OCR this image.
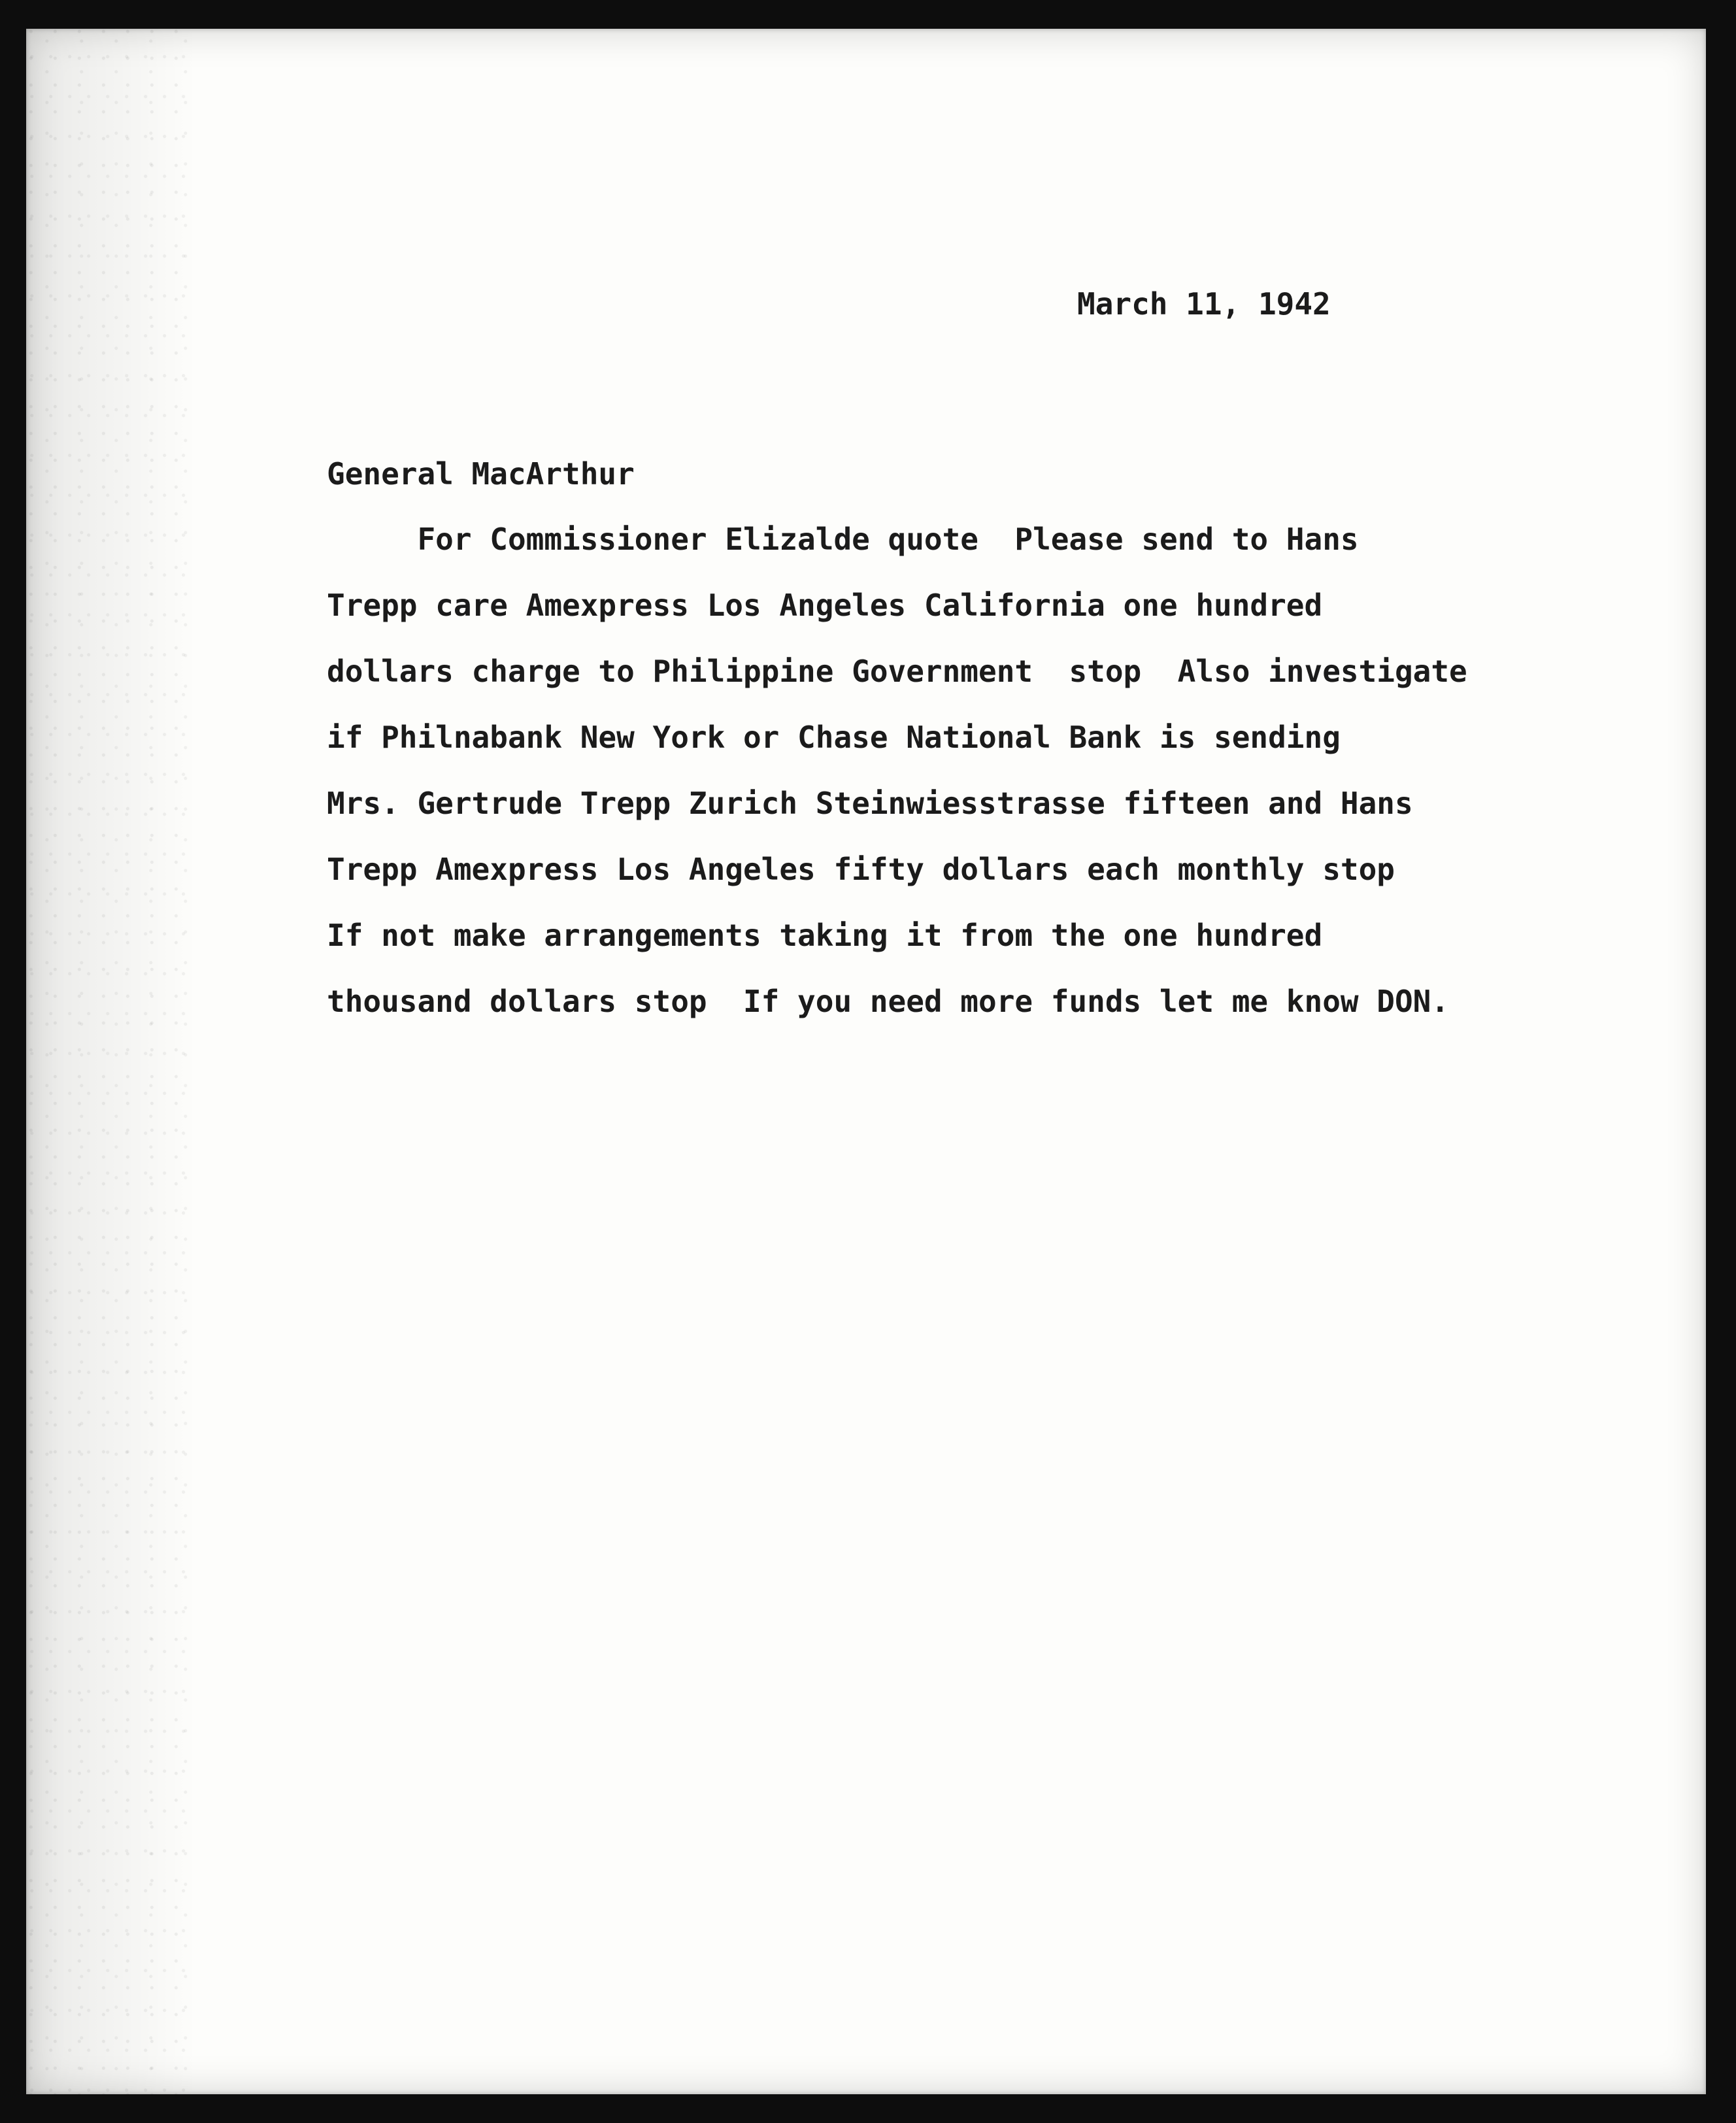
March 11, 1942
General MacArthur
For Commissioner Elizalde quote  Please send to Hans
Trepp care Amexpress Los Angeles California one hundred
dollars charge to Philippine Government  stop  Also investigate
if Philnabank New York or Chase National Bank is sending
Mrs. Gertrude Trepp Zurich Steinwiesstrasse fifteen and Hans
Trepp Amexpress Los Angeles fifty dollars each monthly stop
If not make arrangements taking it from the one hundred
thousand dollars stop  If you need more funds let me know DON.
